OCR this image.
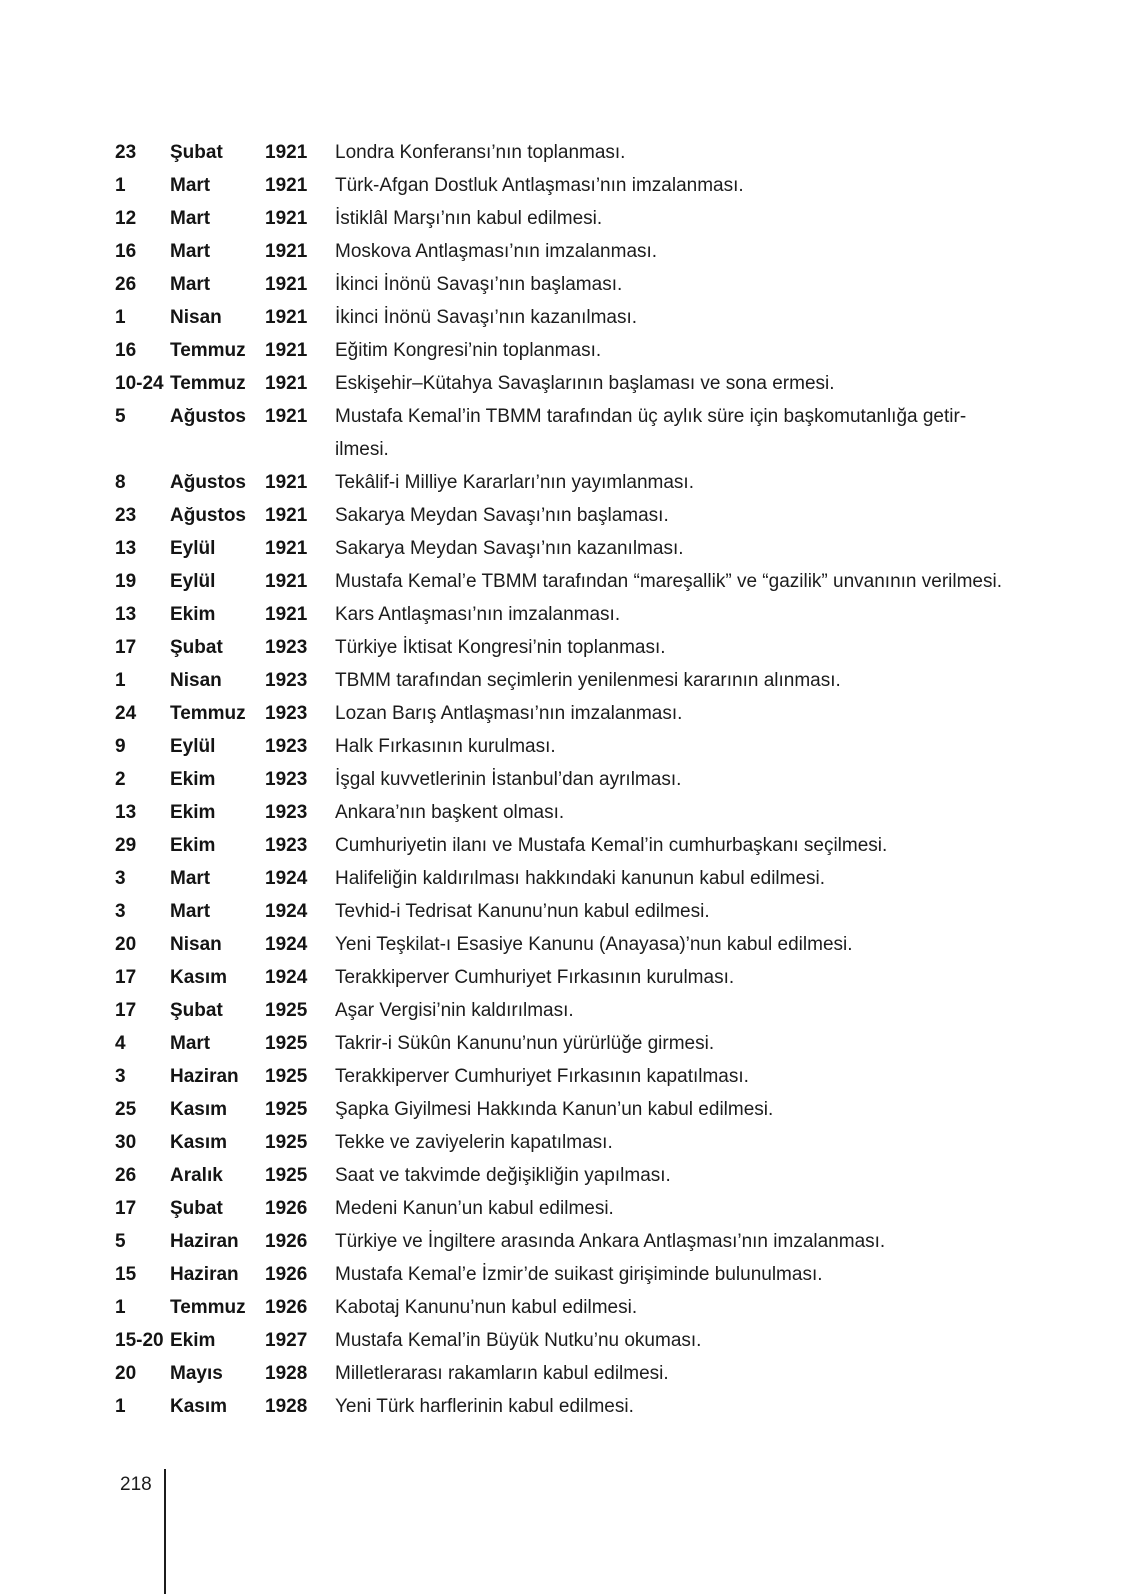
23	Şubat	1921	Londra Konferansı’nın toplanması.
1	Mart	1921	Türk-Afgan Dostluk Antlaşması’nın imzalanması.
12	Mart	1921	İstiklâl Marşı’nın kabul edilmesi.
16	Mart	1921	Moskova Antlaşması’nın imzalanması.
26	Mart	1921	İkinci İnönü Savaşı’nın başlaması.
1	Nisan	1921	İkinci İnönü Savaşı’nın kazanılması.
16	Temmuz	1921	Eğitim Kongresi’nin toplanması.
10-24 Temmuz	1921	Eskişehir–Kütahya Savaşlarının başlaması ve sona ermesi.
5	Ağustos	1921	Mustafa Kemal’in TBMM tarafından üç aylık süre için başkomutanlığa getirilmesi.
8	Ağustos	1921	Tekâlif-i Milliye Kararları’nın yayımlanması.
23	Ağustos	1921	Sakarya Meydan Savaşı’nın başlaması.
13	Eylül	1921	Sakarya Meydan Savaşı’nın kazanılması.
19	Eylül	1921	Mustafa Kemal’e TBMM tarafından “mareşallik” ve “gazilik” unvanının verilmesi.
13	Ekim	1921	Kars Antlaşması’nın imzalanması.
17	Şubat	1923	Türkiye İktisat Kongresi’nin toplanması.
1	Nisan	1923	TBMM tarafından seçimlerin yenilenmesi kararının alınması.
24	Temmuz	1923	Lozan Barış Antlaşması’nın imzalanması.
9	Eylül	1923	Halk Fırkasının kurulması.
2	Ekim	1923	İşgal kuvvetlerinin İstanbul’dan ayrılması.
13	Ekim	1923	Ankara’nın başkent olması.
29	Ekim	1923	Cumhuriyetin ilanı ve Mustafa Kemal’in cumhurbaşkanı seçilmesi.
3	Mart	1924	Halifeliğin kaldırılması hakkındaki kanunun kabul edilmesi.
3	Mart	1924	Tevhid-i Tedrisat Kanunu’nun kabul edilmesi.
20	Nisan	1924	Yeni Teşkilat-ı Esasiye Kanunu (Anayasa)’nun kabul edilmesi.
17	Kasım	1924	Terakkiperver Cumhuriyet Fırkasının kurulması.
17	Şubat	1925	Aşar Vergisi’nin kaldırılması.
4	Mart	1925	Takrir-i Sükûn Kanunu’nun yürürlüğe girmesi.
3	Haziran	1925	Terakkiperver Cumhuriyet Fırkasının kapatılması.
25	Kasım	1925	Şapka Giyilmesi Hakkında Kanun’un kabul edilmesi.
30	Kasım	1925	Tekke ve zaviyelerin kapatılması.
26	Aralık	1925	Saat ve takvimde değişikliğin yapılması.
17	Şubat	1926	Medeni Kanun’un kabul edilmesi.
5	Haziran	1926	Türkiye ve İngiltere arasında Ankara Antlaşması’nın imzalanması.
15	Haziran	1926	Mustafa Kemal’e İzmir’de suikast girişiminde bulunulması.
1	Temmuz	1926	Kabotaj Kanunu’nun kabul edilmesi.
15-20 Ekim	1927	Mustafa Kemal’in Büyük Nutku’nu okuması.
20	Mayıs	1928	Milletlerarası rakamların kabul edilmesi.
1	Kasım	1928	Yeni Türk harflerinin kabul edilmesi.
218
